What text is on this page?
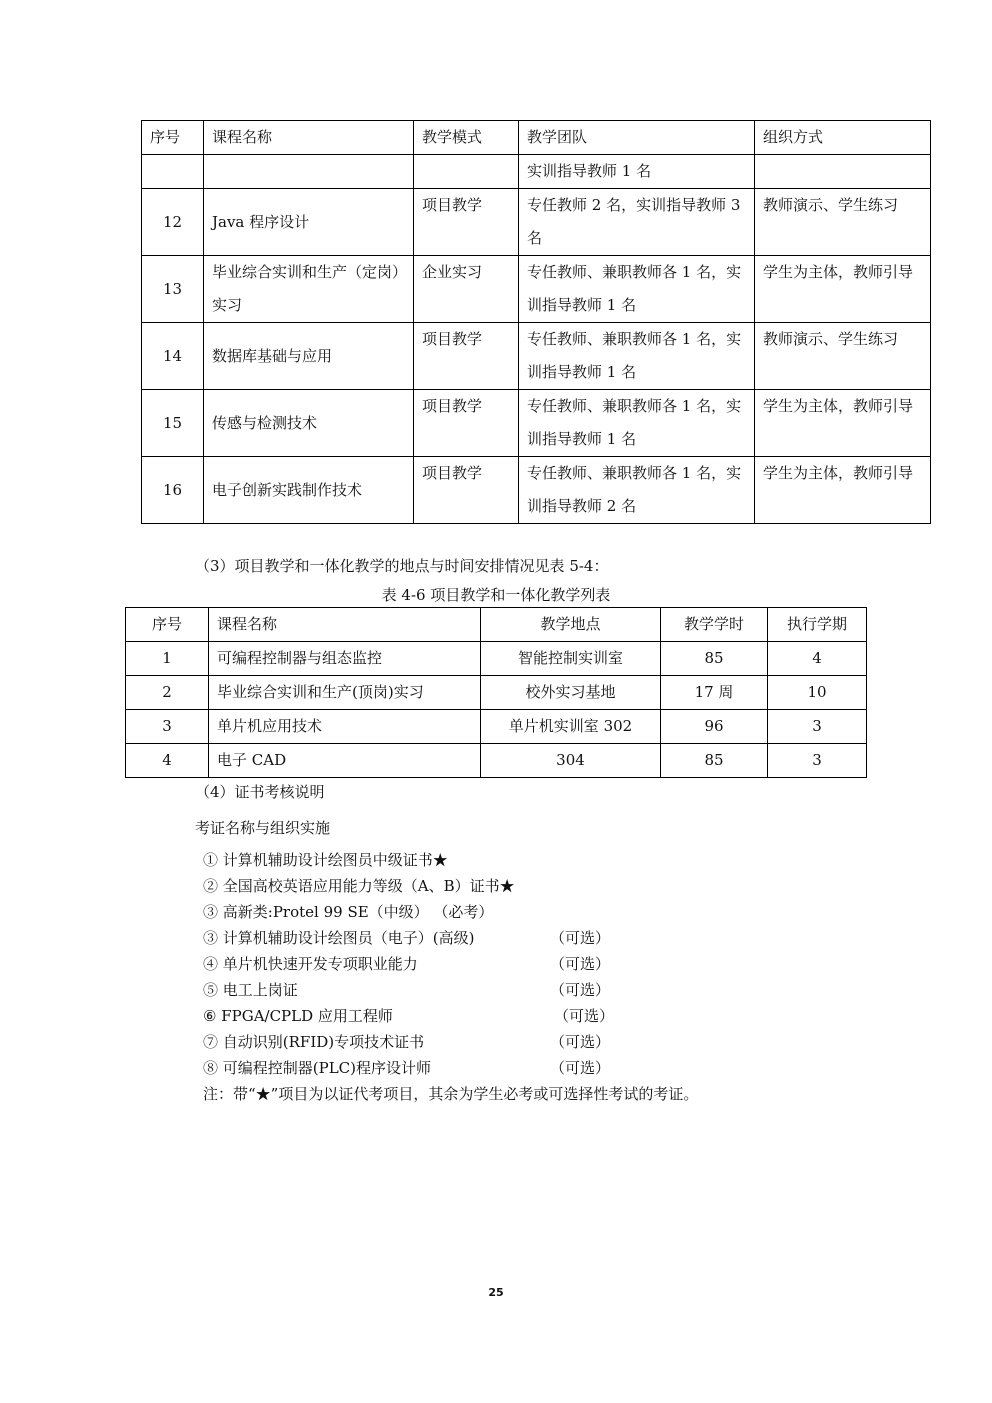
序号	课程名称	教学模式	教学团队	组织方式
			实训指导教师 1 名	
12	Java 程序设计	项目教学	专任教师 2 名，实训指导教师 3 名	教师演示、学生练习
13	毕业综合实训和生产（定岗）实习	企业实习	专任教师、兼职教师各 1 名，实训指导教师 1 名	学生为主体，教师引导
14	数据库基础与应用	项目教学	专任教师、兼职教师各 1 名，实训指导教师 1 名	教师演示、学生练习
15	传感与检测技术	项目教学	专任教师、兼职教师各 1 名，实训指导教师 1 名	学生为主体，教师引导
16	电子创新实践制作技术	项目教学	专任教师、兼职教师各 1 名，实训指导教师 2 名	学生为主体，教师引导

（3）项目教学和一体化教学的地点与时间安排情况见表 5-4：

表 4-6 项目教学和一体化教学列表

序号	课程名称	教学地点	教学学时	执行学期
1	可编程控制器与组态监控	智能控制实训室	85	4
2	毕业综合实训和生产(顶岗)实习	校外实习基地	17 周	10
3	单片机应用技术	单片机实训室 302	96	3
4	电子 CAD	304	85	3

（4）证书考核说明

考证名称与组织实施

① 计算机辅助设计绘图员中级证书★
② 全国高校英语应用能力等级（A、B）证书★
③ 高新类:Protel 99 SE（中级） （必考）
③ 计算机辅助设计绘图员（电子）(高级)	（可选）
④ 单片机快速开发专项职业能力	（可选）
⑤ 电工上岗证	（可选）
⑥ FPGA/CPLD 应用工程师	（可选）
⑦ 自动识别(RFID)专项技术证书	（可选）
⑧ 可编程控制器(PLC)程序设计师	（可选）

注：带“★”项目为以证代考项目，其余为学生必考或可选择性考试的考证。

25
